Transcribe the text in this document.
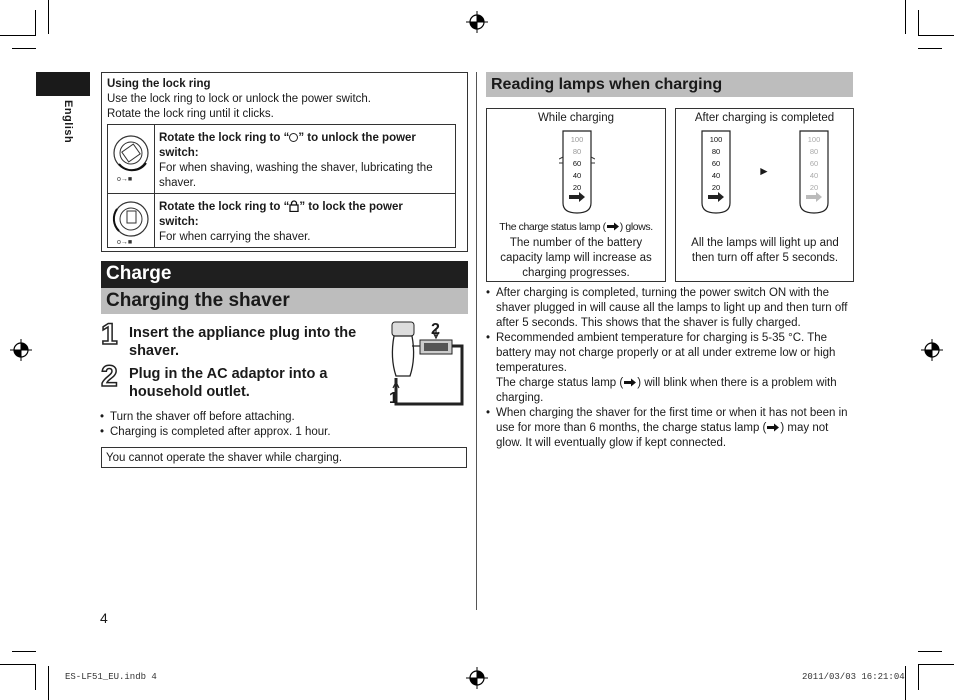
English
Using the lock ring
Use the lock ring to lock or unlock the power switch.
Rotate the lock ring until it clicks.
o→■
Rotate the lock ring to “ ” to unlock the power
switch:
For when shaving, washing the shaver, lubricating the shaver.
o→■
Rotate the lock ring to “ ” to lock the power
switch:
For when carrying the shaver.
Charge
Charging the shaver
1 Insert the appliance plug into the
shaver.
2 Plug in the AC adaptor into a
household outlet.
2
1
• Turn the shaver off before attaching.
• Charging is completed after approx. 1 hour.
You cannot operate the shaver while charging.
4
Reading lamps when charging
While charging
100
80
60
40
20
The charge status lamp ( ) glows.
The number of the battery capacity lamp will increase as charging progresses.
After charging is completed
100
80
60
40
20
►
100
80
60
40
20
All the lamps will light up and then turn off after 5 seconds.
• After charging is completed, turning the power switch ON with the shaver plugged in will cause all the lamps to light up and then turn off after 5 seconds. This shows that the shaver is fully charged.
• Recommended ambient temperature for charging is 5-35 °C. The battery may not charge properly or at all under extreme low or high temperatures.
The charge status lamp ( ) will blink when there is a problem with charging.
• When charging the shaver for the first time or when it has not been in use for more than 6 months, the charge status lamp ( ) may not glow. It will eventually glow if kept connected.
ES-LF51_EU.indb 4	2011/03/03 16:21:04
